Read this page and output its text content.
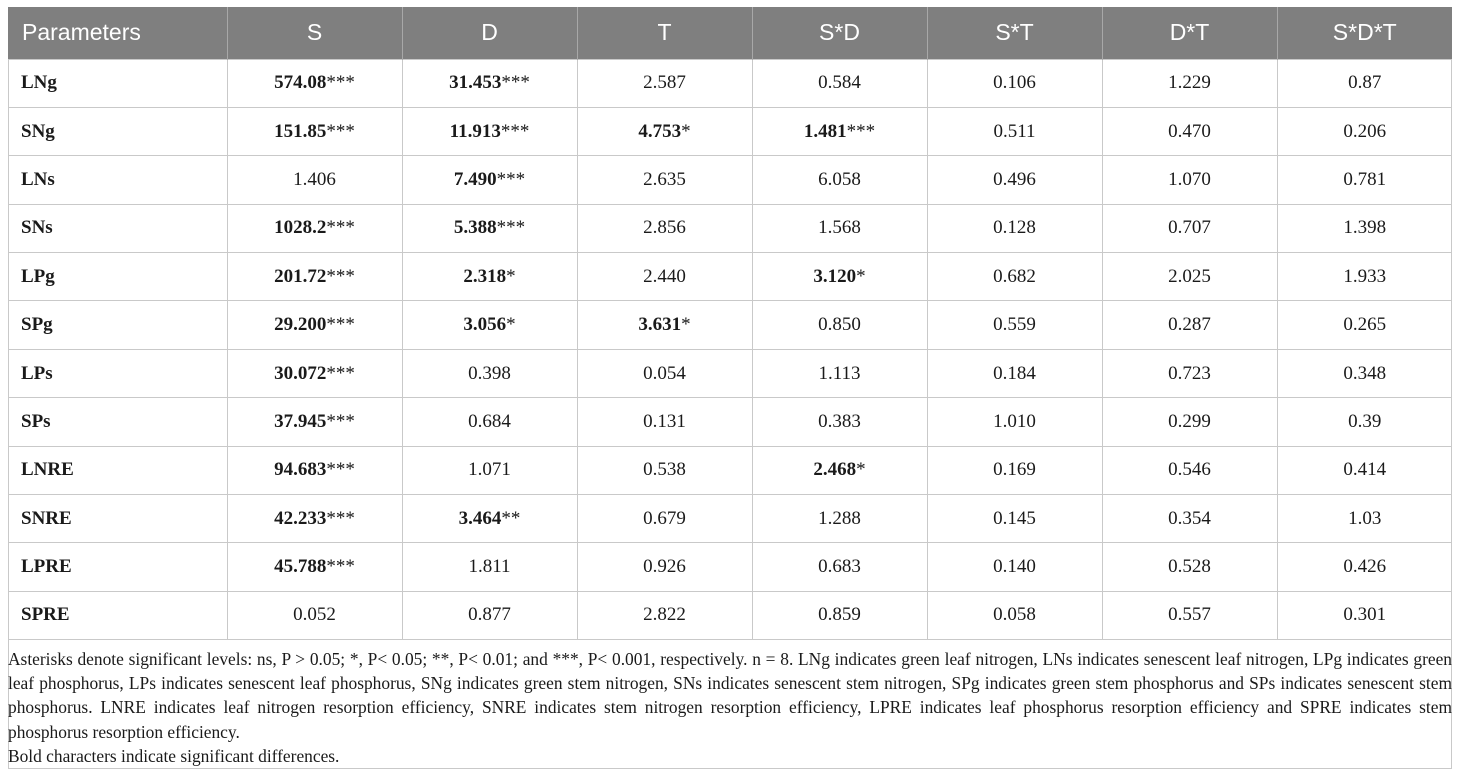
Parameters	S	D	T	S*D	S*T	D*T	S*D*T
LNg	574.08***	31.453***	2.587	0.584	0.106	1.229	0.87
SNg	151.85***	11.913***	4.753*	1.481***	0.511	0.470	0.206
LNs	1.406	7.490***	2.635	6.058	0.496	1.070	0.781
SNs	1028.2***	5.388***	2.856	1.568	0.128	0.707	1.398
LPg	201.72***	2.318*	2.440	3.120*	0.682	2.025	1.933
SPg	29.200***	3.056*	3.631*	0.850	0.559	0.287	0.265
LPs	30.072***	0.398	0.054	1.113	0.184	0.723	0.348
SPs	37.945***	0.684	0.131	0.383	1.010	0.299	0.39
LNRE	94.683***	1.071	0.538	2.468*	0.169	0.546	0.414
SNRE	42.233***	3.464**	0.679	1.288	0.145	0.354	1.03
LPRE	45.788***	1.811	0.926	0.683	0.140	0.528	0.426
SPRE	0.052	0.877	2.822	0.859	0.058	0.557	0.301

Asterisks denote significant levels: ns, P > 0.05; *, P< 0.05; **, P< 0.01; and ***, P< 0.001, respectively. n = 8. LNg indicates green leaf nitrogen, LNs indicates senescent leaf nitrogen, LPg indicates green leaf phosphorus, LPs indicates senescent leaf phosphorus, SNg indicates green stem nitrogen, SNs indicates senescent stem nitrogen, SPg indicates green stem phosphorus and SPs indicates senescent stem phosphorus. LNRE indicates leaf nitrogen resorption efficiency, SNRE indicates stem nitrogen resorption efficiency, LPRE indicates leaf phosphorus resorption efficiency and SPRE indicates stem phosphorus resorption efficiency.

Bold characters indicate significant differences.
